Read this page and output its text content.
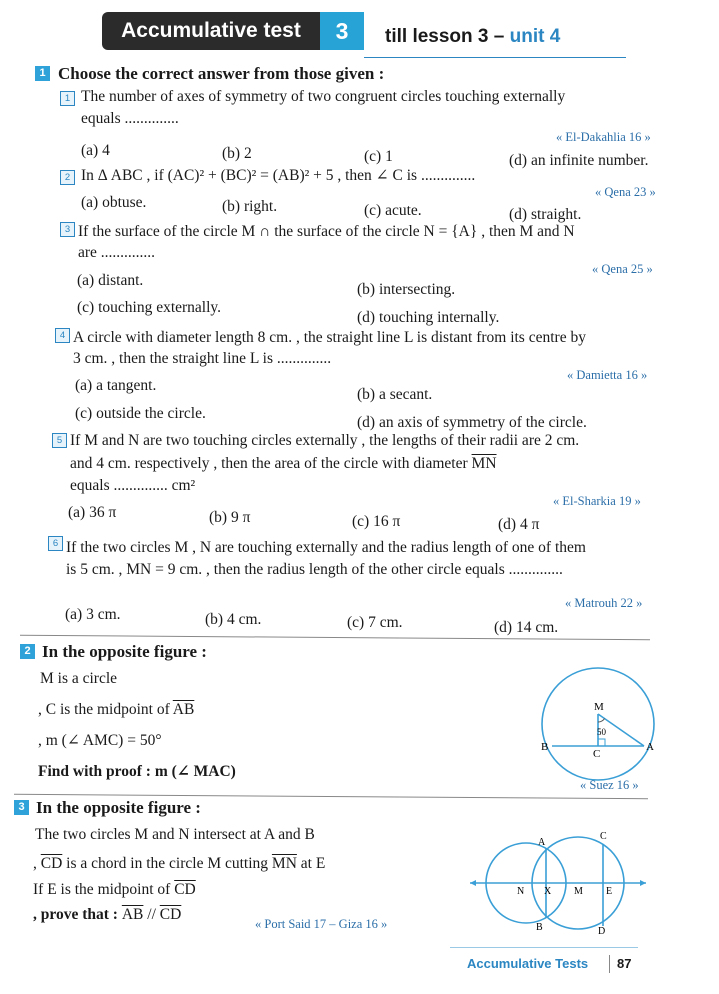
Accumulative test	3	till lesson 3 – unit 4
1 Choose the correct answer from those given :
1 The number of axes of symmetry of two congruent circles touching externally
equals ..............
« El-Dakahlia 16 »
(a) 4	(b) 2	(c) 1	(d) an infinite number.
2 In Δ ABC , if (AC)² + (BC)² = (AB)² + 5 , then ∠ C is ..............
« Qena 23 »
(a) obtuse.	(b) right.	(c) acute.	(d) straight.
3 If the surface of the circle M ∩ the surface of the circle N = {A} , then M and N
are ..............
« Qena 25 »
(a) distant.
(b) intersecting.
(c) touching externally.
(d) touching internally.
4 A circle with diameter length 8 cm. , the straight line L is distant from its centre by
3 cm. , then the straight line L is ..............
« Damietta 16 »
(a) a tangent.
(b) a secant.
(c) outside the circle.
(d) an axis of symmetry of the circle.
5 If M and N are two touching circles externally , the lengths of their radii are 2 cm.
and 4 cm. respectively , then the area of the circle with diameter $\overline{MN}$
equals .............. cm²
« El-Sharkia 19 »
(a) 36 π	(b) 9 π	(c) 16 π	(d) 4 π
6 If the two circles M , N are touching externally and the radius length of one of them
is 5 cm. , MN = 9 cm. , then the radius length of the other circle equals ..............
« Matrouh 22 »
(a) 3 cm.	(b) 4 cm.	(c) 7 cm.	(d) 14 cm.
2 In the opposite figure :
M is a circle
, C is the midpoint of $\overline{AB}$
, m (∠ AMC) = 50°
Find with proof : m (∠ MAC)
« Suez 16 »
M
50
B	A
C
3 In the opposite figure :
The two circles M and N intersect at A and B
, $\overline{CD}$ is a chord in the circle M cutting $\overline{MN}$ at E
If E is the midpoint of $\overline{CD}$
, prove that : $\overline{AB} // \overline{CD}$
« Port Said 17 – Giza 16 »
A
B
C
D
N X M E
Accumulative Tests 87
